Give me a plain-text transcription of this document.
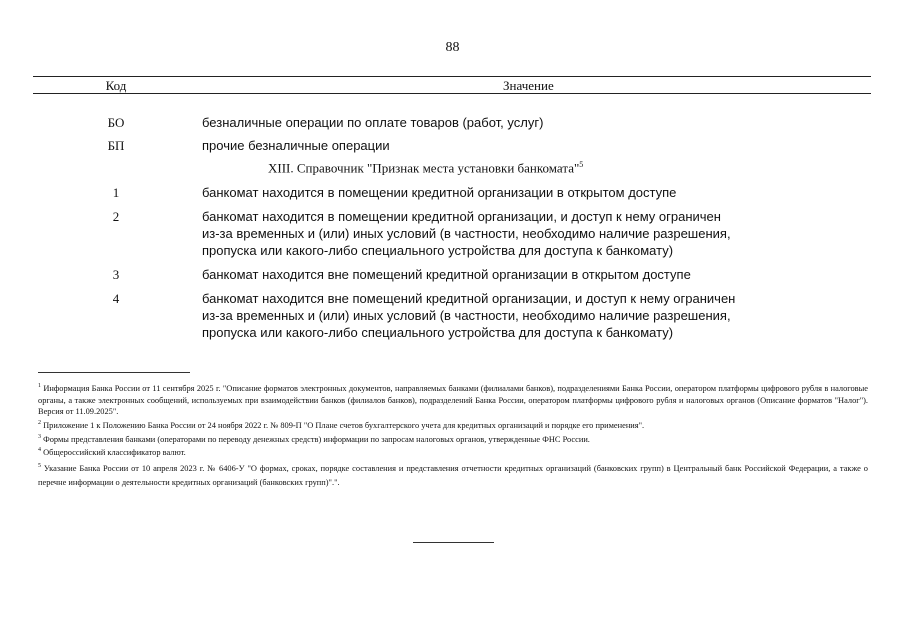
88
Код	Значение
БО	безналичные операции по оплате товаров (работ, услуг)
БП	прочие безналичные операции
XIII. Справочник "Признак места установки банкомата"$^5$
1	банкомат находится в помещении кредитной организации в открытом доступе
2	банкомат находится в помещении кредитной организации, и доступ к нему ограничен
из-за временных и (или) иных условий (в частности, необходимо наличие разрешения,
пропуска или какого-либо специального устройства для доступа к банкомату)
3	банкомат находится вне помещений кредитной организации в открытом доступе
4	банкомат находится вне помещений кредитной организации, и доступ к нему ограничен
из-за временных и (или) иных условий (в частности, необходимо наличие разрешения,
пропуска или какого-либо специального устройства для доступа к банкомату)

$^1$ Информация Банка России от 11 сентября 2025 г. "Описание форматов электронных документов, направляемых банками (филиалами банков), подразделениями Банка России, оператором платформы цифрового рубля в налоговые органы, а также электронных сообщений, используемых при взаимодействии банков (филиалов банков), подразделений Банка России, оператором платформы цифрового рубля и налоговых органов (Описание форматов "Налог"). Версия от 11.09.2025".

$^2$ Приложение 1 к Положению Банка России от 24 ноября 2022 г. № 809-П "О Плане счетов бухгалтерского учета для кредитных организаций и порядке его применения".

$^3$ Формы представления банками (операторами по переводу денежных средств) информации по запросам налоговых органов, утвержденные ФНС России.

$^4$ Общероссийский классификатор валют.

$^5$ Указание Банка России от 10 апреля 2023 г. № 6406-У "О формах, сроках, порядке составления и представления отчетности кредитных организаций (банковских групп) в Центральный банк Российской Федерации, а также о перечне информации о деятельности кредитных организаций (банковских групп)".".
